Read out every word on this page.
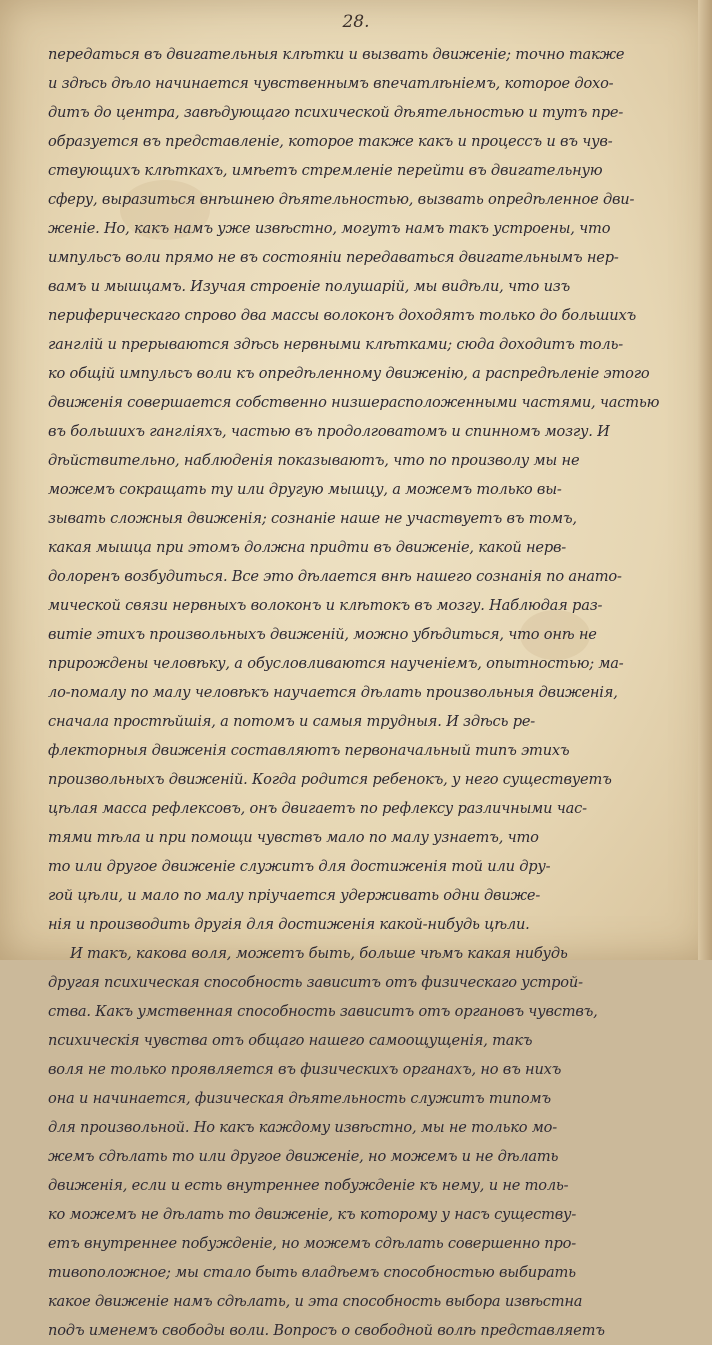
28.
передаться въ двигательныя клѣтки и вызвать движеніе; точно также
и здѣсь дѣло начинается чувственнымъ впечатлѣніемъ, которое дохо-
дитъ до центра, завѣдующаго психической дѣятельностью и тутъ пре-
образуется въ представленіе, которое также какъ и процессъ и въ чув-
ствующихъ клѣткахъ, имѣетъ стремленіе перейти въ двигательную
сферу, выразиться внѣшнею дѣятельностью, вызвать опредѣленное дви-
женіе. Но, какъ намъ уже извѣстно, могутъ намъ такъ устроены, что
импульсъ воли прямо не въ состояніи передаваться двигательнымъ нер-
вамъ и мышцамъ. Изучая строеніе полушарій, мы видѣли, что изъ
периферическаго спрово два массы волоконъ доходятъ только до большихъ
ганглій и прерываются здѣсь нервными клѣтками; сюда доходитъ толь-
ко общій импульсъ воли къ опредѣленному движенію, а распредѣленіе этого
движенія совершается собственно низшерасположенными частями, частью
въ большихъ гангліяхъ, частью въ продолговатомъ и спинномъ мозгу. И
дѣйствительно, наблюденія показываютъ, что по произволу мы не
можемъ сокращать ту или другую мышцу, а можемъ только вы-
зывать сложныя движенія; сознаніе наше не участвуетъ въ томъ,
какая мышца при этомъ должна придти въ движеніе, какой нерв-
долоренъ возбудиться. Все это дѣлается внѣ нашего сознанія по анато-
мической связи нервныхъ волоконъ и клѣтокъ въ мозгу. Наблюдая раз-
витіе этихъ произвольныхъ движеній, можно убѣдиться, что онѣ не
прирождены человѣку, а обусловливаются наученіемъ, опытностью; ма-
ло-помалу по малу человѣкъ научается дѣлать произвольныя движенія,
сначала простѣйшія, а потомъ и самыя трудныя. И здѣсь ре-
флекторныя движенія составляютъ первоначальный типъ этихъ
произвольныхъ движеній. Когда родится ребенокъ, у него существуетъ
цѣлая масса рефлексовъ, онъ двигаетъ по рефлексу различными час-
тями тѣла и при помощи чувствъ мало по малу узнаетъ, что
то или другое движеніе служитъ для достиженія той или дру-
гой цѣли, и мало по малу пріучается удерживать одни движе-
нія и производить другія для достиженія какой-нибудь цѣли.
И такъ, какова воля, можетъ быть, больше чѣмъ какая нибудь
другая психическая способность зависитъ отъ физическаго устрой-
ства. Какъ умственная способность зависитъ отъ органовъ чувствъ,
психическія чувства отъ общаго нашего самоощущенія, такъ
воля не только проявляется въ физическихъ органахъ, но въ нихъ
она и начинается, физическая дѣятельность служитъ типомъ
для произвольной. Но какъ каждому извѣстно, мы не только мо-
жемъ сдѣлать то или другое движеніе, но можемъ и не дѣлать
движенія, если и есть внутреннее побужденіе къ нему, и не толь-
ко можемъ не дѣлать то движеніе, къ которому у насъ существу-
етъ внутреннее побужденіе, но можемъ сдѣлать совершенно про-
тивоположное; мы стало быть владѣемъ способностью выбирать
какое движеніе намъ сдѣлать, и эта способность выбора извѣстна
подъ именемъ свободы воли. Вопросъ о свободной волѣ представляетъ
